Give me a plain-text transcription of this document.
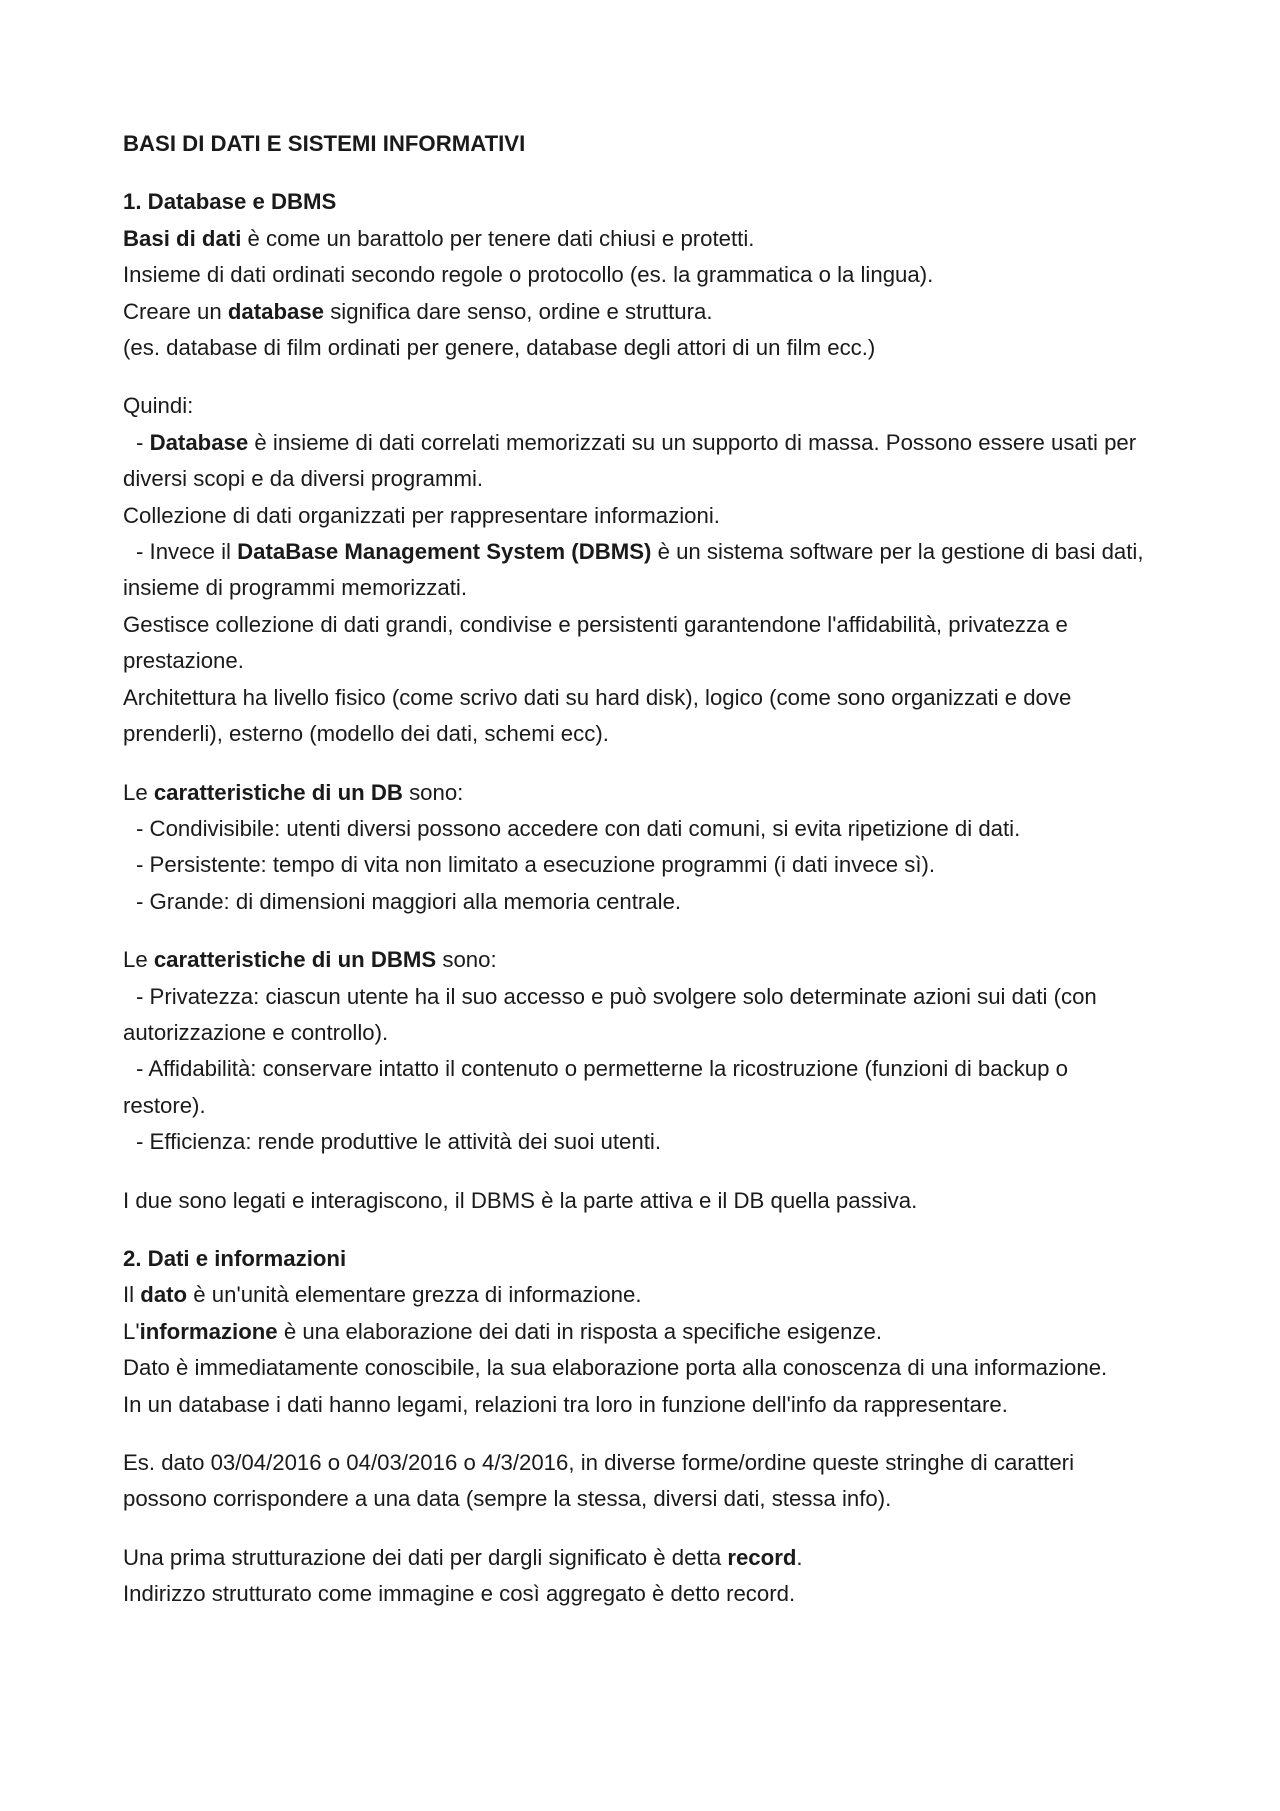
BASI DI DATI E SISTEMI INFORMATIVI

1. Database e DBMS

Basi di dati è come un barattolo per tenere dati chiusi e protetti.

Insieme di dati ordinati secondo regole o protocollo (es. la grammatica o la lingua).

Creare un database significa dare senso, ordine e struttura.

(es. database di film ordinati per genere, database degli attori di un film ecc.)

Quindi:

- Database è insieme di dati correlati memorizzati su un supporto di massa. Possono essere usati per diversi scopi e da diversi programmi.

Collezione di dati organizzati per rappresentare informazioni.

- Invece il DataBase Management System (DBMS) è un sistema software per la gestione di basi dati, insieme di programmi memorizzati.

Gestisce collezione di dati grandi, condivise e persistenti garantendone l'affidabilità, privatezza e prestazione.

Architettura ha livello fisico (come scrivo dati su hard disk), logico (come sono organizzati e dove prenderli), esterno (modello dei dati, schemi ecc).

Le caratteristiche di un DB sono:

- Condivisibile: utenti diversi possono accedere con dati comuni, si evita ripetizione di dati.

- Persistente: tempo di vita non limitato a esecuzione programmi (i dati invece sì).

- Grande: di dimensioni maggiori alla memoria centrale.

Le caratteristiche di un DBMS sono:

- Privatezza: ciascun utente ha il suo accesso e può svolgere solo determinate azioni sui dati (con autorizzazione e controllo).

- Affidabilità: conservare intatto il contenuto o permetterne la ricostruzione (funzioni di backup o restore).

- Efficienza: rende produttive le attività dei suoi utenti.

I due sono legati e interagiscono, il DBMS è la parte attiva e il DB quella passiva.

2. Dati e informazioni

Il dato è un'unità elementare grezza di informazione.

L'informazione è una elaborazione dei dati in risposta a specifiche esigenze.

Dato è immediatamente conoscibile, la sua elaborazione porta alla conoscenza di una informazione.

In un database i dati hanno legami, relazioni tra loro in funzione dell'info da rappresentare.

Es. dato 03/04/2016 o 04/03/2016 o 4/3/2016, in diverse forme/ordine queste stringhe di caratteri possono corrispondere a una data (sempre la stessa, diversi dati, stessa info).

Una prima strutturazione dei dati per dargli significato è detta record.

Indirizzo strutturato come immagine e così aggregato è detto record.
